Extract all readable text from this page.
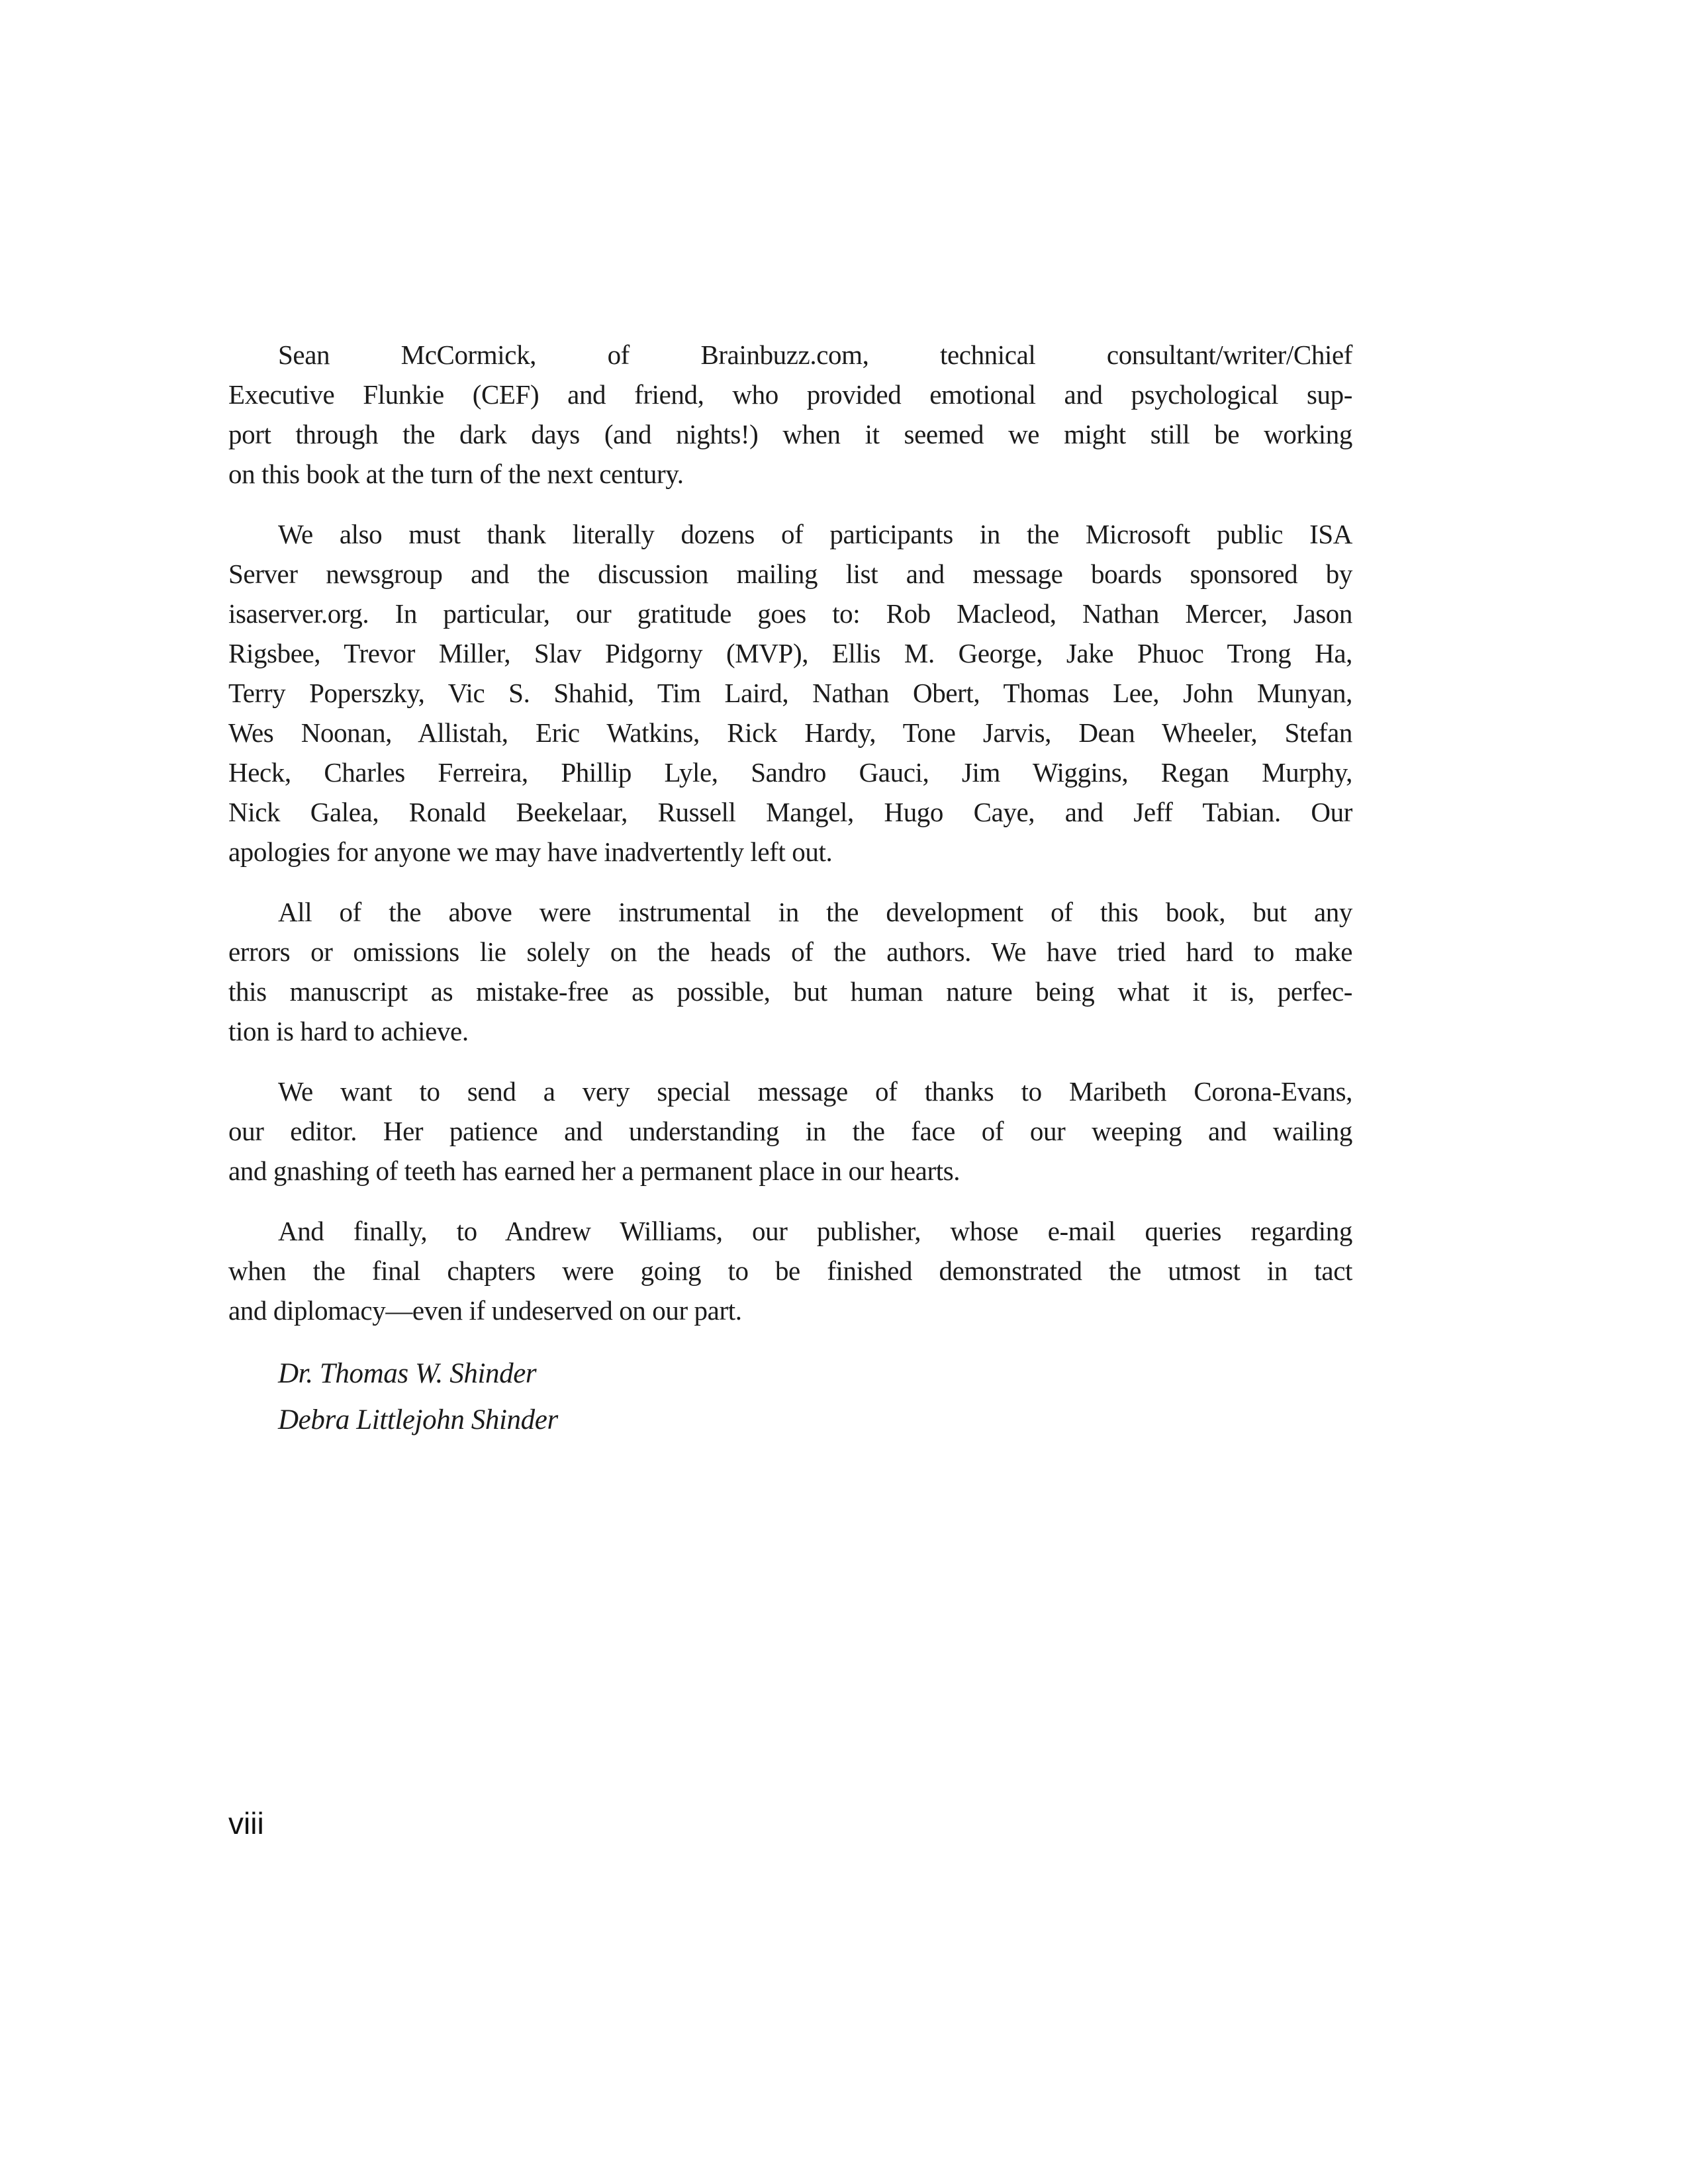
Sean McCormick, of Brainbuzz.com, technical consultant/writer/Chief
Executive Flunkie (CEF) and friend, who provided emotional and psychological sup-
port through the dark days (and nights!) when it seemed we might still be working
on this book at the turn of the next century.

We also must thank literally dozens of participants in the Microsoft public ISA
Server newsgroup and the discussion mailing list and message boards sponsored by
isaserver.org. In particular, our gratitude goes to: Rob Macleod, Nathan Mercer, Jason
Rigsbee, Trevor Miller, Slav Pidgorny (MVP), Ellis M. George, Jake Phuoc Trong Ha,
Terry Poperszky, Vic S. Shahid, Tim Laird, Nathan Obert, Thomas Lee, John Munyan,
Wes Noonan, Allistah, Eric Watkins, Rick Hardy, Tone Jarvis, Dean Wheeler, Stefan
Heck, Charles Ferreira, Phillip Lyle, Sandro Gauci, Jim Wiggins, Regan Murphy,
Nick Galea, Ronald Beekelaar, Russell Mangel, Hugo Caye, and Jeff Tabian. Our
apologies for anyone we may have inadvertently left out.

All of the above were instrumental in the development of this book, but any
errors or omissions lie solely on the heads of the authors. We have tried hard to make
this manuscript as mistake-free as possible, but human nature being what it is, perfec-
tion is hard to achieve.

We want to send a very special message of thanks to Maribeth Corona-Evans,
our editor. Her patience and understanding in the face of our weeping and wailing
and gnashing of teeth has earned her a permanent place in our hearts.

And finally, to Andrew Williams, our publisher, whose e-mail queries regarding
when the final chapters were going to be finished demonstrated the utmost in tact
and diplomacy—even if undeserved on our part.

Dr. Thomas W. Shinder
Debra Littlejohn Shinder
viii
